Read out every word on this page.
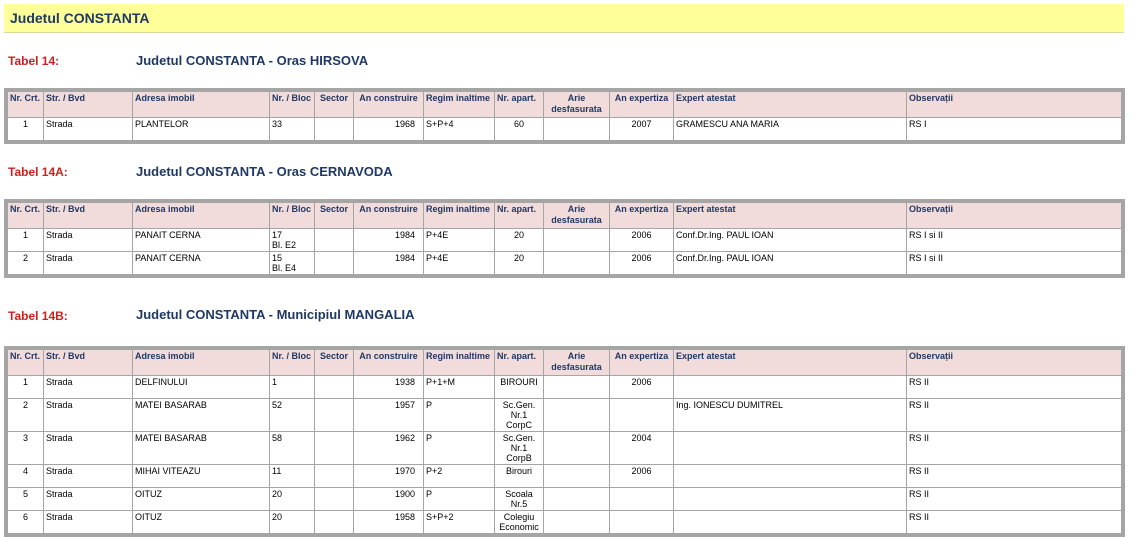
Judetul CONSTANTA
Tabel 14:	Judetul CONSTANTA - Oras HIRSOVA
Nr. Crt.	Str. / Bvd	Adresa imobil	Nr. / Bloc	Sector	An construire	Regim inaltime	Nr. apart.	Arie desfasurata	An expertiza	Expert atestat	Observații
1	Strada	PLANTELOR	33		1968	S+P+4	60		2007	GRAMESCU ANA MARIA	RS I
Tabel 14A:	Judetul CONSTANTA - Oras CERNAVODA
Nr. Crt.	Str. / Bvd	Adresa imobil	Nr. / Bloc	Sector	An construire	Regim inaltime	Nr. apart.	Arie desfasurata	An expertiza	Expert atestat	Observații
1	Strada	PANAIT CERNA	17
Bl. E2		1984	P+4E	20		2006	Conf.Dr.Ing. PAUL IOAN	RS I si II
2	Strada	PANAIT CERNA	15
Bl. E4		1984	P+4E	20		2006	Conf.Dr.Ing. PAUL IOAN	RS I si II
Tabel 14B:	Judetul CONSTANTA - Municipiul MANGALIA
Nr. Crt.	Str. / Bvd	Adresa imobil	Nr. / Bloc	Sector	An construire	Regim inaltime	Nr. apart.	Arie desfasurata	An expertiza	Expert atestat	Observații
1	Strada	DELFINULUI	1		1938	P+1+M	BIROURI		2006		RS II
2	Strada	MATEI BASARAB	52		1957	P	Sc.Gen.
Nr.1 CorpC			Ing. IONESCU DUMITREL	RS II
3	Strada	MATEI BASARAB	58		1962	P	Sc.Gen.
Nr.1 CorpB		2004		RS II
4	Strada	MIHAI VITEAZU	11		1970	P+2	Birouri		2006		RS II
5	Strada	OITUZ	20		1900	P	Scoala
Nr.5				RS II
6	Strada	OITUZ	20		1958	S+P+2	Colegiu
Economic				RS II
